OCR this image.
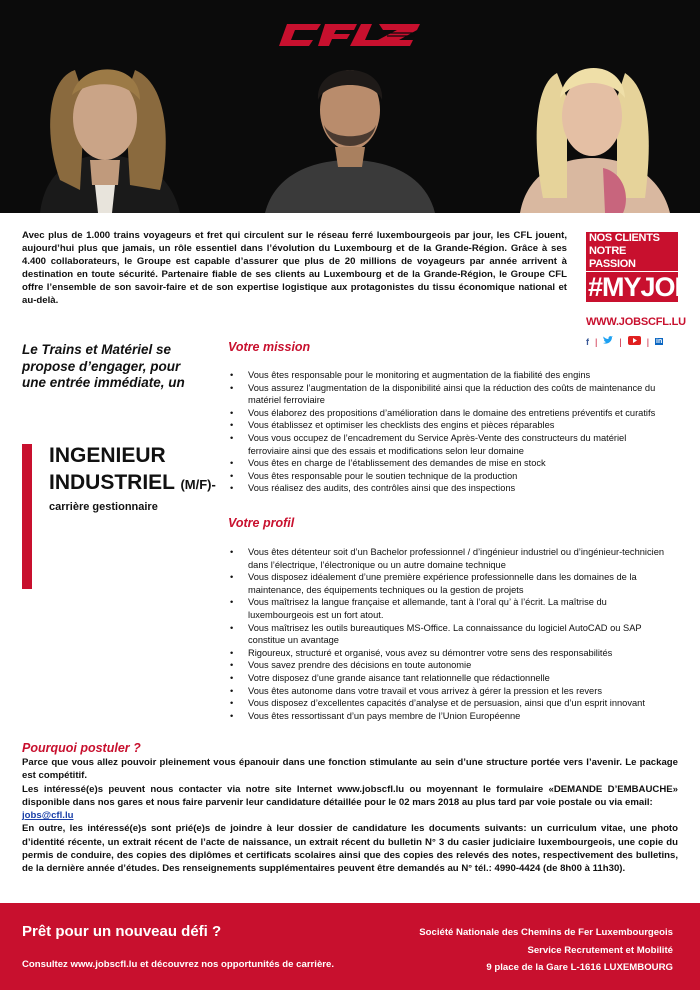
Avec plus de 1.000 trains voyageurs et fret qui circulent sur le réseau ferré luxembourgeois par jour, les CFL jouent, aujourd’hui plus que jamais, un rôle essentiel dans l’évolution du Luxembourg et de la Grande-Région. Grâce à ses 4.400 collaborateurs, le Groupe est capable d’assurer que plus de 20 millions de voyageurs par année arrivent à destination en toute sécurité. Partenaire fiable de ses clients au Luxembourg et de la Grande-Région, le Groupe CFL offre l’ensemble de son savoir-faire et de son expertise logistique aux protagonistes du tissu économique national et au-delà.

NOS CLIENTS
NOTRE PASSION
#MYJOB
WWW.JOBSCFL.LU
f | |	| in

Le Trains et Matériel se propose d’engager, pour une entrée immédiate, un

INGENIEUR
INDUSTRIEL (M/F)-

carrière gestionnaire

Votre mission
• Vous êtes responsable pour le monitoring et augmentation de la fiabilité des engins
• Vous assurez l’augmentation de la disponibilité ainsi que la réduction des coûts de maintenance du matériel ferroviaire
• Vous élaborez des propositions d’amélioration dans le domaine des entretiens préventifs et curatifs
• Vous établissez et optimiser les checklists des engins et pièces réparables
• Vous vous occupez de l’encadrement du Service Après-Vente des constructeurs du matériel ferroviaire ainsi que des essais et modifications selon leur domaine
• Vous êtes en charge de l’établissement des demandes de mise en stock
• Vous êtes responsable pour le soutien technique de la production
• Vous réalisez des audits, des contrôles ainsi que des inspections
Votre profil
• Vous êtes détenteur soit d’un Bachelor professionnel / d’ingénieur industriel ou d’ingénieur-technicien dans l’électrique, l’électronique ou un autre domaine technique
• Vous disposez idéalement d’une première expérience professionnelle dans les domaines de la maintenance, des équipements techniques ou la gestion de projets
• Vous maîtrisez la langue française et allemande, tant à l’oral qu’ à l’écrit. La maîtrise du luxembourgeois est un fort atout.
• Vous maîtrisez les outils bureautiques MS-Office. La connaissance du logiciel AutoCAD ou SAP constitue un avantage
• Rigoureux, structuré et organisé, vous avez su démontrer votre sens des responsabilités
• Vous savez prendre des décisions en toute autonomie
• Votre disposez d’une grande aisance tant relationnelle que rédactionnelle
• Vous êtes autonome dans votre travail et vous arrivez à gérer la pression et les revers
• Vous disposez d’excellentes capacités d’analyse et de persuasion, ainsi que d’un esprit innovant
• Vous êtes ressortissant d’un pays membre de l’Union Européenne
Pourquoi postuler ?

Parce que vous allez pouvoir pleinement vous épanouir dans une fonction stimulante au sein d’une structure portée vers l’avenir. Le package est compétitif.

Les intéressé(e)s peuvent nous contacter via notre site Internet www.jobscfl.lu ou moyennant le formulaire «DEMANDE D’EMBAUCHE» disponible dans nos gares et nous faire parvenir leur candidature détaillée pour le 02 mars 2018 au plus tard par voie postale ou via email:

jobs@cfl.lu

En outre, les intéressé(e)s sont prié(e)s de joindre à leur dossier de candidature les documents suivants: un curriculum vitae, une photo d’identité récente, un extrait récent de l’acte de naissance, un extrait récent du bulletin N° 3 du casier judiciaire luxembourgeois, une copie du permis de conduire, des copies des diplômes et certificats scolaires ainsi que des copies des relevés des notes, respectivement des bulletins, de la dernière année d’études. Des renseignements supplémentaires peuvent être demandés au N° tél.: 4990-4424 (de 8h00 à 11h30).

Prêt pour un nouveau défi ?

Consultez www.jobscfl.lu et découvrez nos opportunités de carrière.

Société Nationale des Chemins de Fer Luxembourgeois
Service Recrutement et Mobilité
9 place de la Gare L-1616 LUXEMBOURG
